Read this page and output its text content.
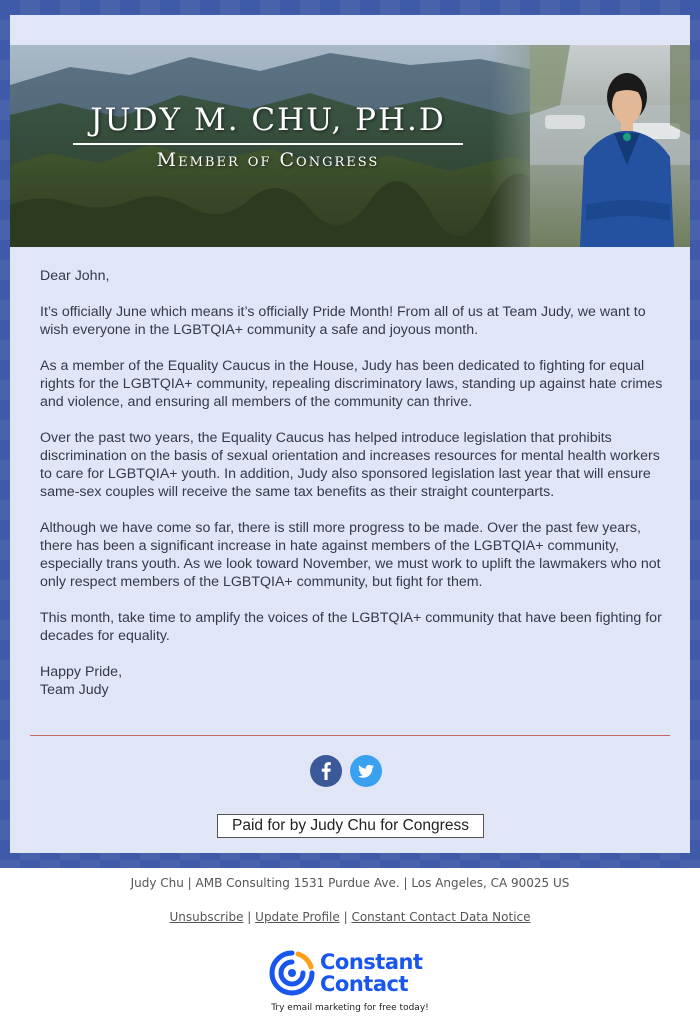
JUDY M. CHU, PH.D
Member of Congress

Dear John,

It’s officially June which means it’s officially Pride Month! From all of us at Team Judy, we want to wish everyone in the LGBTQIA+ community a safe and joyous month.

As a member of the Equality Caucus in the House, Judy has been dedicated to fighting for equal rights for the LGBTQIA+ community, repealing discriminatory laws, standing up against hate crimes and violence, and ensuring all members of the community can thrive.

Over the past two years, the Equality Caucus has helped introduce legislation that prohibits discrimination on the basis of sexual orientation and increases resources for mental health workers to care for LGBTQIA+ youth. In addition, Judy also sponsored legislation last year that will ensure same-sex couples will receive the same tax benefits as their straight counterparts.

Although we have come so far, there is still more progress to be made. Over the past few years, there has been a significant increase in hate against members of the LGBTQIA+ community, especially trans youth. As we look toward November, we must work to uplift the lawmakers who not only respect members of the LGBTQIA+ community, but fight for them.

This month, take time to amplify the voices of the LGBTQIA+ community that have been fighting for decades for equality.

Happy Pride,

Team Judy

Paid for by Judy Chu for Congress
Judy Chu | AMB Consulting 1531 Purdue Ave. | Los Angeles, CA 90025 US
Unsubscribe | Update Profile | Constant Contact Data Notice
Constant
Contact
Try email marketing for free today!
